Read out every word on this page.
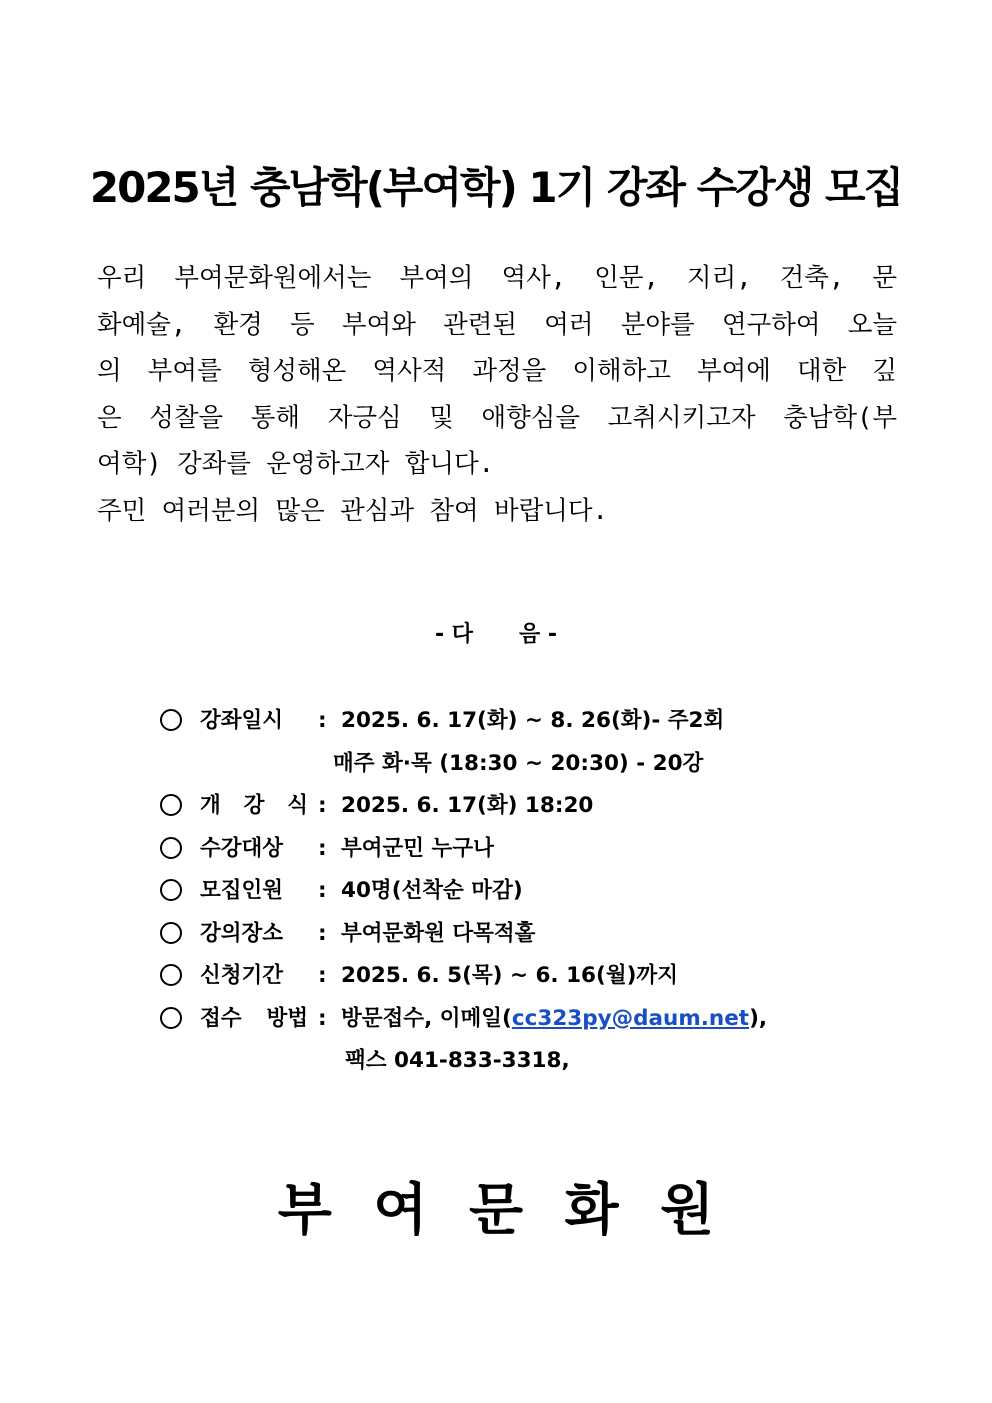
2025년 충남학(부여학) 1기 강좌 수강생 모집
우리 부여문화원에서는 부여의 역사, 인문, 지리, 건축, 문
화예술, 환경 등 부여와 관련된 여러 분야를 연구하여 오늘
의 부여를 형성해온 역사적 과정을 이해하고 부여에 대한 깊
은 성찰을 통해 자긍심 및 애향심을 고취시키고자 충남학(부
여학) 강좌를 운영하고자 합니다.
주민 여러분의 많은 관심과 참여 바랍니다.
- 다      음 -
강좌일시	: 2025. 6. 17(화) ~ 8. 26(화)- 주2회
매주 화·목 (18:30 ~ 20:30) - 20강
개 강 식 : 2025. 6. 17(화) 18:20
수강대상	: 부여군민 누구나
모집인원	: 40명(선착순 마감)
강의장소	: 부여문화원 다목적홀
신청기간	: 2025. 6. 5(목) ~ 6. 16(월)까지
접수 방법 : 방문접수, 이메일(cc323py@daum.net),
팩스 041-833-3318,
부 여 문 화 원
